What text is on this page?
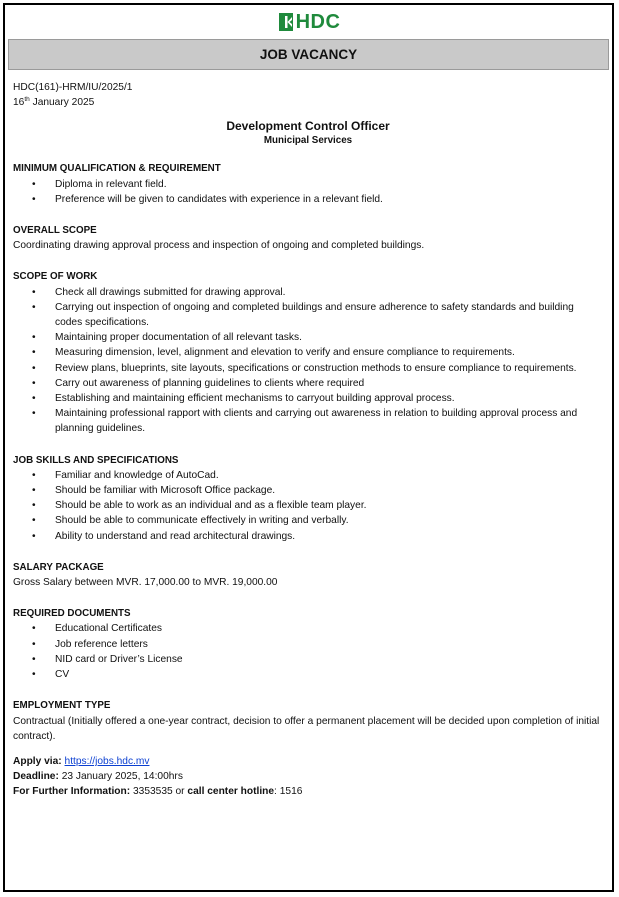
HDC
JOB VACANCY
HDC(161)-HRM/IU/2025/1
16th January 2025
Development Control Officer
Municipal Services
MINIMUM QUALIFICATION & REQUIREMENT
• Diploma in relevant field.
• Preference will be given to candidates with experience in a relevant field.
OVERALL SCOPE
Coordinating drawing approval process and inspection of ongoing and completed buildings.
SCOPE OF WORK
• Check all drawings submitted for drawing approval.
• Carrying out inspection of ongoing and completed buildings and ensure adherence to safety standards and building codes specifications.
• Maintaining proper documentation of all relevant tasks.
• Measuring dimension, level, alignment and elevation to verify and ensure compliance to requirements.
• Review plans, blueprints, site layouts, specifications or construction methods to ensure compliance to requirements.
• Carry out awareness of planning guidelines to clients where required
• Establishing and maintaining efficient mechanisms to carryout building approval process.
• Maintaining professional rapport with clients and carrying out awareness in relation to building approval process and planning guidelines.
JOB SKILLS AND SPECIFICATIONS
• Familiar and knowledge of AutoCad.
• Should be familiar with Microsoft Office package.
• Should be able to work as an individual and as a flexible team player.
• Should be able to communicate effectively in writing and verbally.
• Ability to understand and read architectural drawings.
SALARY PACKAGE
Gross Salary between MVR. 17,000.00 to MVR. 19,000.00
REQUIRED DOCUMENTS
• Educational Certificates
• Job reference letters
• NID card or Driver’s License
• CV
EMPLOYMENT TYPE
Contractual (Initially offered a one-year contract, decision to offer a permanent placement will be decided upon completion of initial contract).
Apply via: https://jobs.hdc.mv
Deadline: 23 January 2025, 14:00hrs
For Further Information: 3353535 or call center hotline: 1516
